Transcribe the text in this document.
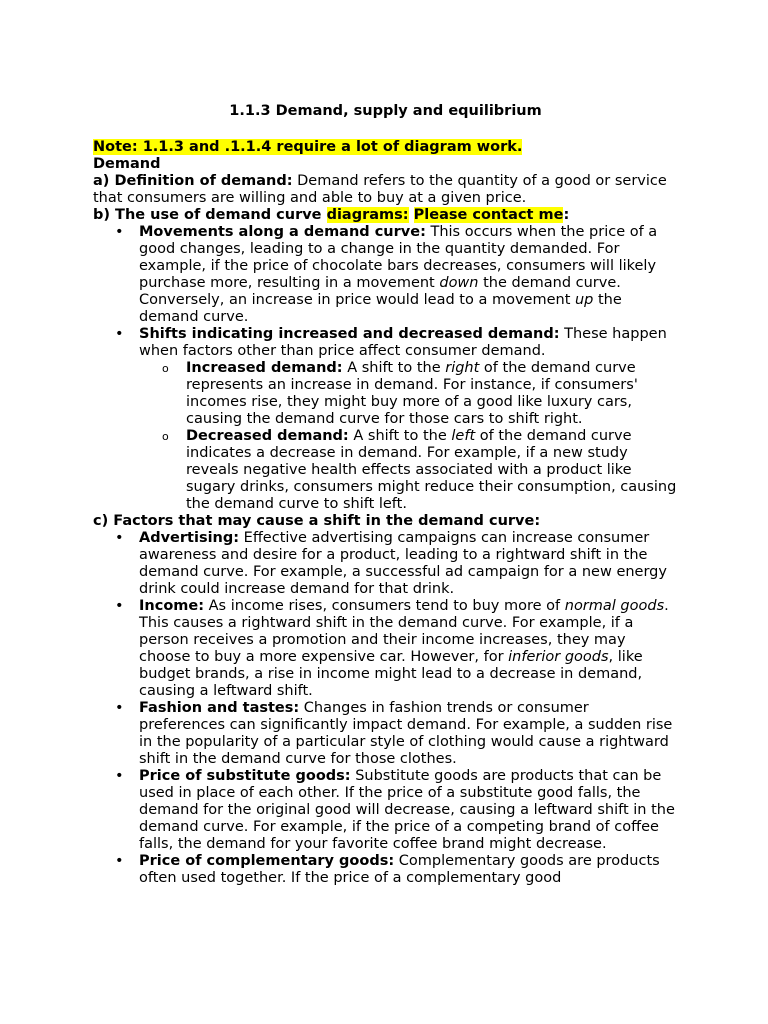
1.1.3 Demand, supply and equilibrium

Note: 1.1.3 and .1.1.4 require a lot of diagram work.

Demand

a) Definition of demand: Demand refers to the quantity of a good or service that consumers are willing and able to buy at a given price.

b) The use of demand curve diagrams: Please contact me:

• Movements along a demand curve: This occurs when the price of a good changes, leading to a change in the quantity demanded. For example, if the price of chocolate bars decreases, consumers will likely purchase more, resulting in a movement down the demand curve. Conversely, an increase in price would lead to a movement up the demand curve.
• Shifts indicating increased and decreased demand: These happen when factors other than price affect consumer demand.
o Increased demand: A shift to the right of the demand curve represents an increase in demand. For instance, if consumers' incomes rise, they might buy more of a good like luxury cars, causing the demand curve for those cars to shift right.
o Decreased demand: A shift to the left of the demand curve indicates a decrease in demand. For example, if a new study reveals negative health effects associated with a product like sugary drinks, consumers might reduce their consumption, causing the demand curve to shift left.

c) Factors that may cause a shift in the demand curve:

• Advertising: Effective advertising campaigns can increase consumer awareness and desire for a product, leading to a rightward shift in the demand curve. For example, a successful ad campaign for a new energy drink could increase demand for that drink.
• Income: As income rises, consumers tend to buy more of normal goods. This causes a rightward shift in the demand curve. For example, if a person receives a promotion and their income increases, they may choose to buy a more expensive car. However, for inferior goods, like budget brands, a rise in income might lead to a decrease in demand, causing a leftward shift.
• Fashion and tastes: Changes in fashion trends or consumer preferences can significantly impact demand. For example, a sudden rise in the popularity of a particular style of clothing would cause a rightward shift in the demand curve for those clothes.
• Price of substitute goods: Substitute goods are products that can be used in place of each other. If the price of a substitute good falls, the demand for the original good will decrease, causing a leftward shift in the demand curve. For example, if the price of a competing brand of coffee falls, the demand for your favorite coffee brand might decrease.
• Price of complementary goods: Complementary goods are products often used together. If the price of a complementary good
